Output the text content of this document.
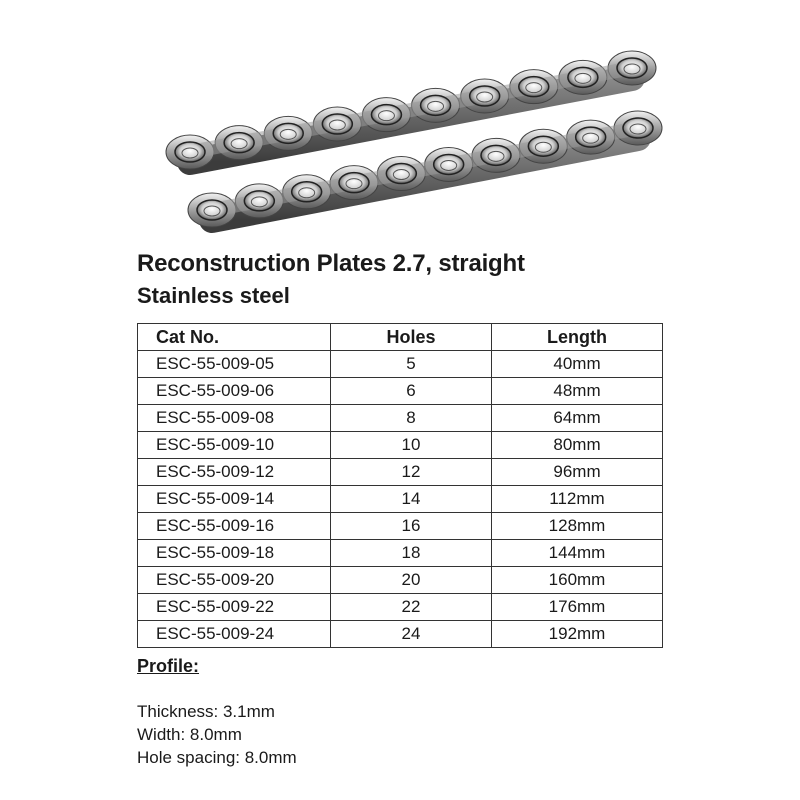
Reconstruction Plates 2.7, straight
Stainless steel
Cat No.	Holes	Length
ESC-55-009-05	5	40mm
ESC-55-009-06	6	48mm
ESC-55-009-08	8	64mm
ESC-55-009-10	10	80mm
ESC-55-009-12	12	96mm
ESC-55-009-14	14	112mm
ESC-55-009-16	16	128mm
ESC-55-009-18	18	144mm
ESC-55-009-20	20	160mm
ESC-55-009-22	22	176mm
ESC-55-009-24	24	192mm

Profile:

Thickness: 3.1mm
Width: 8.0mm
Hole spacing: 8.0mm
